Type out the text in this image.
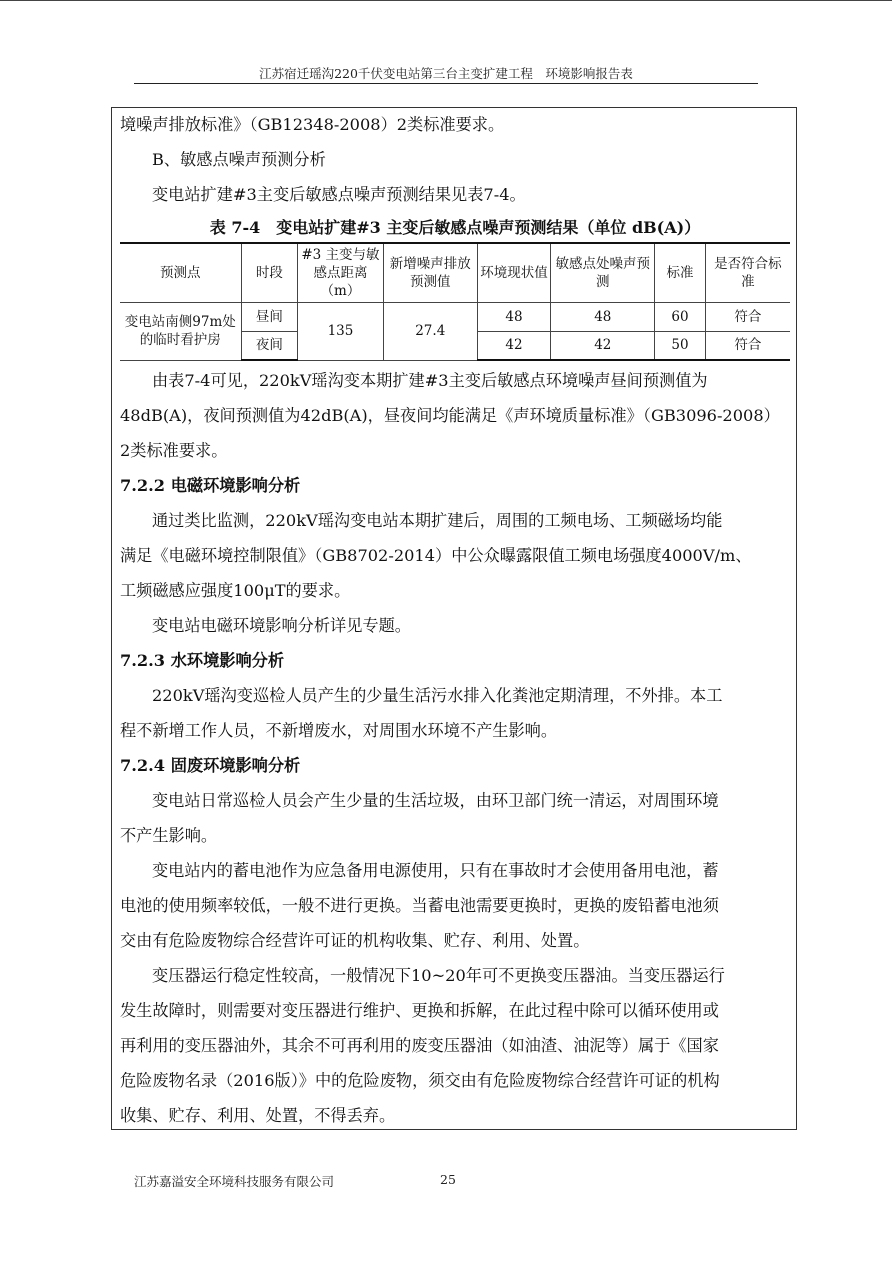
江苏宿迁瑶沟220千伏变电站第三台主变扩建工程　环境影响报告表

境噪声排放标准》（GB12348-2008）2类标准要求。

B、敏感点噪声预测分析

变电站扩建#3主变后敏感点噪声预测结果见表7-4。

表 7-4　变电站扩建#3 主变后敏感点噪声预测结果（单位 dB(A)）

预测点	时段	#3 主变与敏感点距离（m）	新增噪声排放预测值	环境现状值	敏感点处噪声预测	标准	是否符合标准
变电站南侧97m处的临时看护房	昼间	135	27.4	48	48	60	符合
	夜间			42	42	50	符合

由表7-4可见，220kV瑶沟变本期扩建#3主变后敏感点环境噪声昼间预测值为

48dB(A)，夜间预测值为42dB(A)，昼夜间均能满足《声环境质量标准》（GB3096-2008）

2类标准要求。

7.2.2 电磁环境影响分析

通过类比监测，220kV瑶沟变电站本期扩建后，周围的工频电场、工频磁场均能

满足《电磁环境控制限值》（GB8702-2014）中公众曝露限值工频电场强度4000V/m、

工频磁感应强度100μT的要求。

变电站电磁环境影响分析详见专题。

7.2.3 水环境影响分析

220kV瑶沟变巡检人员产生的少量生活污水排入化粪池定期清理，不外排。本工

程不新增工作人员，不新增废水，对周围水环境不产生影响。

7.2.4 固废环境影响分析

变电站日常巡检人员会产生少量的生活垃圾，由环卫部门统一清运，对周围环境

不产生影响。

变电站内的蓄电池作为应急备用电源使用，只有在事故时才会使用备用电池，蓄

电池的使用频率较低，一般不进行更换。当蓄电池需要更换时，更换的废铅蓄电池须

交由有危险废物综合经营许可证的机构收集、贮存、利用、处置。

变压器运行稳定性较高，一般情况下10~20年可不更换变压器油。当变压器运行

发生故障时，则需要对变压器进行维护、更换和拆解，在此过程中除可以循环使用或

再利用的变压器油外，其余不可再利用的废变压器油（如油渣、油泥等）属于《国家

危险废物名录（2016版）》中的危险废物，须交由有危险废物综合经营许可证的机构

收集、贮存、利用、处置，不得丢弃。

江苏嘉溢安全环境科技服务有限公司	25
